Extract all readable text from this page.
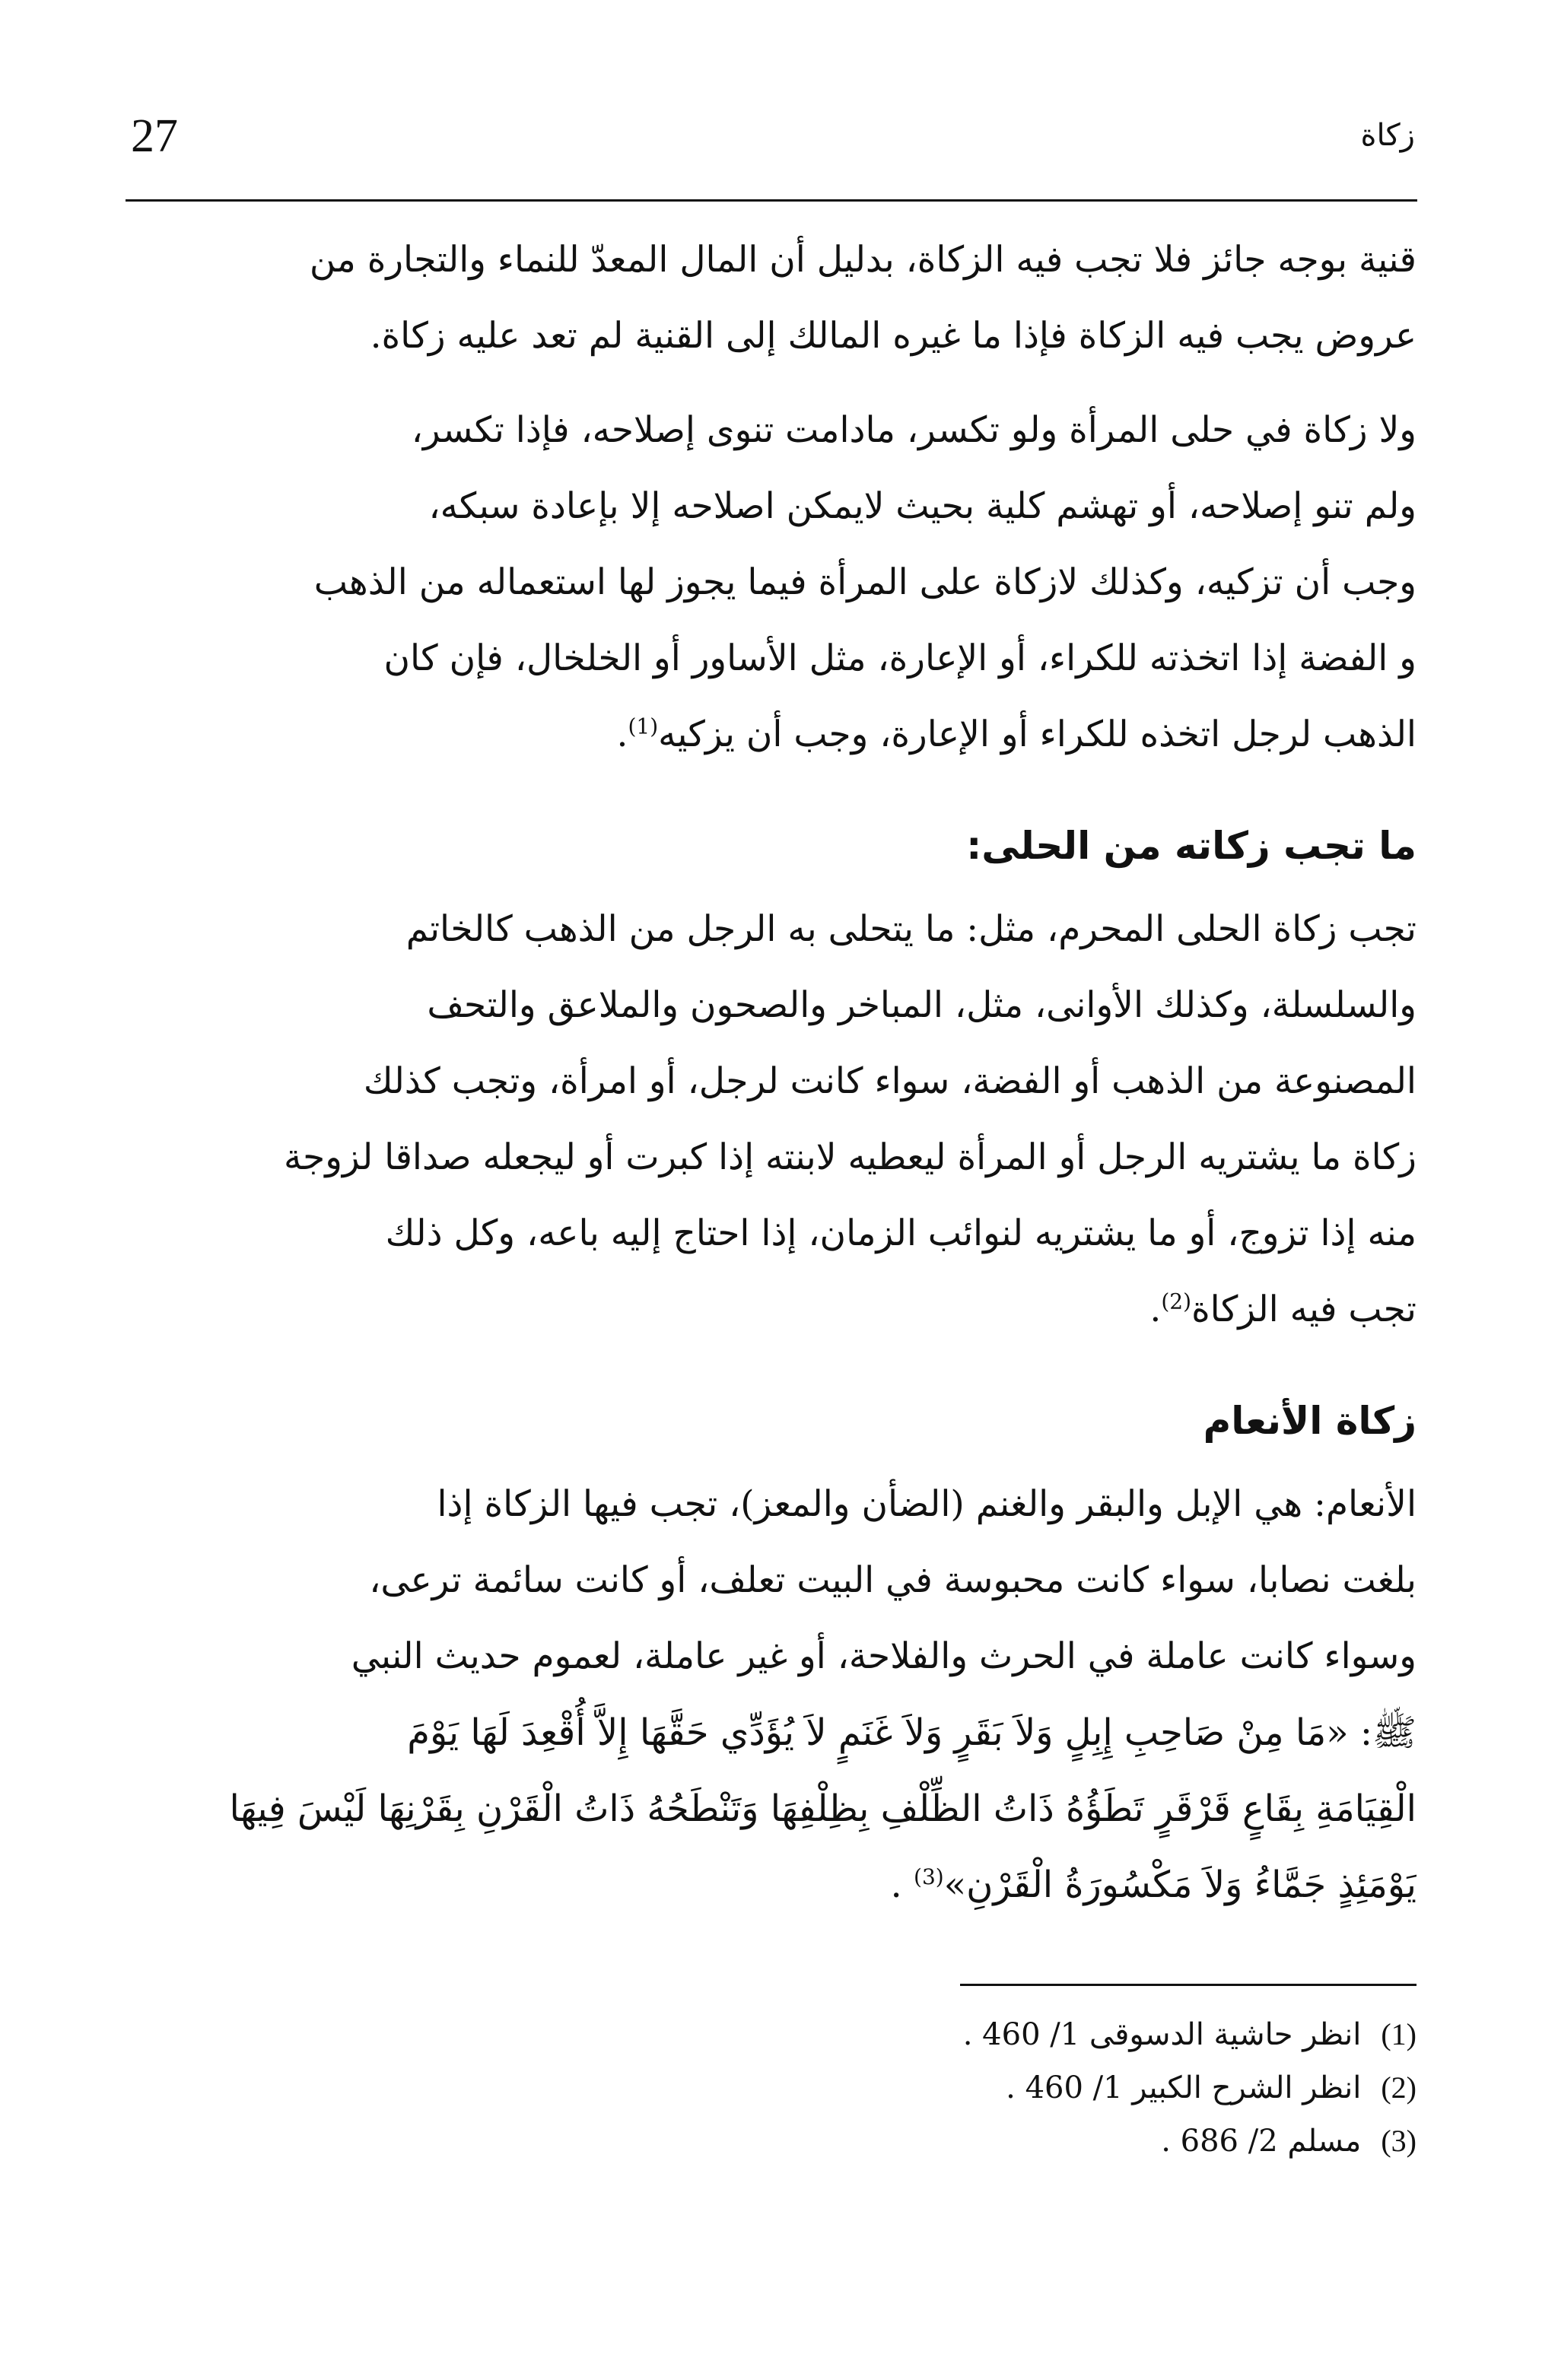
27	زكاة
قنية بوجه جائز فلا تجب فيه الزكاة، بدليل أن المال المعدّ للنماء والتجارة من
عروض يجب فيه الزكاة فإذا ما غيره المالك إلى القنية لم تعد عليه زكاة.
ولا زكاة في حلى المرأة ولو تكسر، مادامت تنوى إصلاحه، فإذا تكسر،
ولم تنو إصلاحه، أو تهشم كلية بحيث لايمكن اصلاحه إلا بإعادة سبكه،
وجب أن تزكيه، وكذلك لازكاة على المرأة فيما يجوز لها استعماله من الذهب
و الفضة إذا اتخذته للكراء، أو الإعارة، مثل الأساور أو الخلخال، فإن كان
الذهب لرجل اتخذه للكراء أو الإعارة، وجب أن يزكيه$^{(1)}$.
ما تجب زكاته من الحلى:
تجب زكاة الحلى المحرم، مثل: ما يتحلى به الرجل من الذهب كالخاتم
والسلسلة، وكذلك الأوانى، مثل، المباخر والصحون والملاعق والتحف
المصنوعة من الذهب أو الفضة، سواء كانت لرجل، أو امرأة، وتجب كذلك
زكاة ما يشتريه الرجل أو المرأة ليعطيه لابنته إذا كبرت أو ليجعله صداقا لزوجة
منه إذا تزوج، أو ما يشتريه لنوائب الزمان، إذا احتاج إليه باعه، وكل ذلك
تجب فيه الزكاة$^{(2)}$.
زكاة الأنعام
الأنعام: هي الإبل والبقر والغنم (الضأن والمعز)، تجب فيها الزكاة إذا
بلغت نصابا، سواء كانت محبوسة في البيت تعلف، أو كانت سائمة ترعى،
وسواء كانت عاملة في الحرث والفلاحة، أو غير عاملة، لعموم حديث النبي
ﷺ: «مَا مِنْ صَاحِبِ إِبِلٍ وَلاَ بَقَرٍ وَلاَ غَنَمٍ لاَ يُؤَدِّي حَقَّهَا إِلاَّ أُقْعِدَ لَهَا يَوْمَ
الْقِيَامَةِ بِقَاعٍ قَرْقَرٍ تَطَؤُهُ ذَاتُ الظِّلْفِ بِظِلْفِهَا وَتَنْطَحُهُ ذَاتُ الْقَرْنِ بِقَرْنِهَا لَيْسَ فِيهَا
يَوْمَئِذٍ جَمَّاءُ وَلاَ مَكْسُورَةُ الْقَرْنِ»$^{(3)}$ .
(1)انظر حاشية الدسوقى 1/ 460 .
(2)انظر الشرح الكبير 1/ 460 .
(3)مسلم 2/ 686 .
